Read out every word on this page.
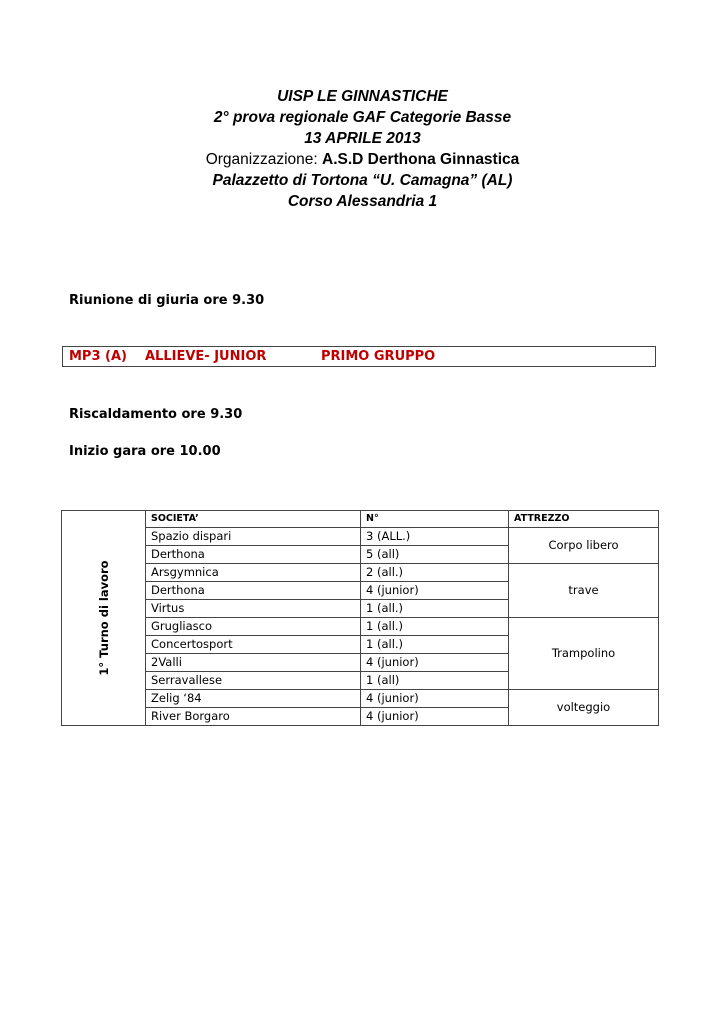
UISP LE GINNASTICHE
2° prova regionale GAF Categorie Basse
13 APRILE 2013
Organizzazione: A.S.D Derthona Ginnastica
Palazzetto di Tortona “U. Camagna” (AL)
Corso Alessandria 1
Riunione di giuria ore 9.30
MP3 (A) ALLIEVE- JUNIOR	PRIMO GRUPPO
Riscaldamento ore 9.30
Inizio gara ore 10.00
1° Turno di lavoro	SOCIETA’	N°	ATTREZZO
	Spazio dispari	3 (ALL.)	Corpo libero
	Derthona	5 (all)	
	Arsgymnica	2 (all.)	trave
	Derthona	4 (junior)	
	Virtus	1 (all.)	
	Grugliasco	1 (all.)	Trampolino
	Concertosport	1 (all.)	
	2Valli	4 (junior)	
	Serravallese	1 (all)	
	Zelig ‘84	4 (junior)	volteggio
	River Borgaro	4 (junior)	
